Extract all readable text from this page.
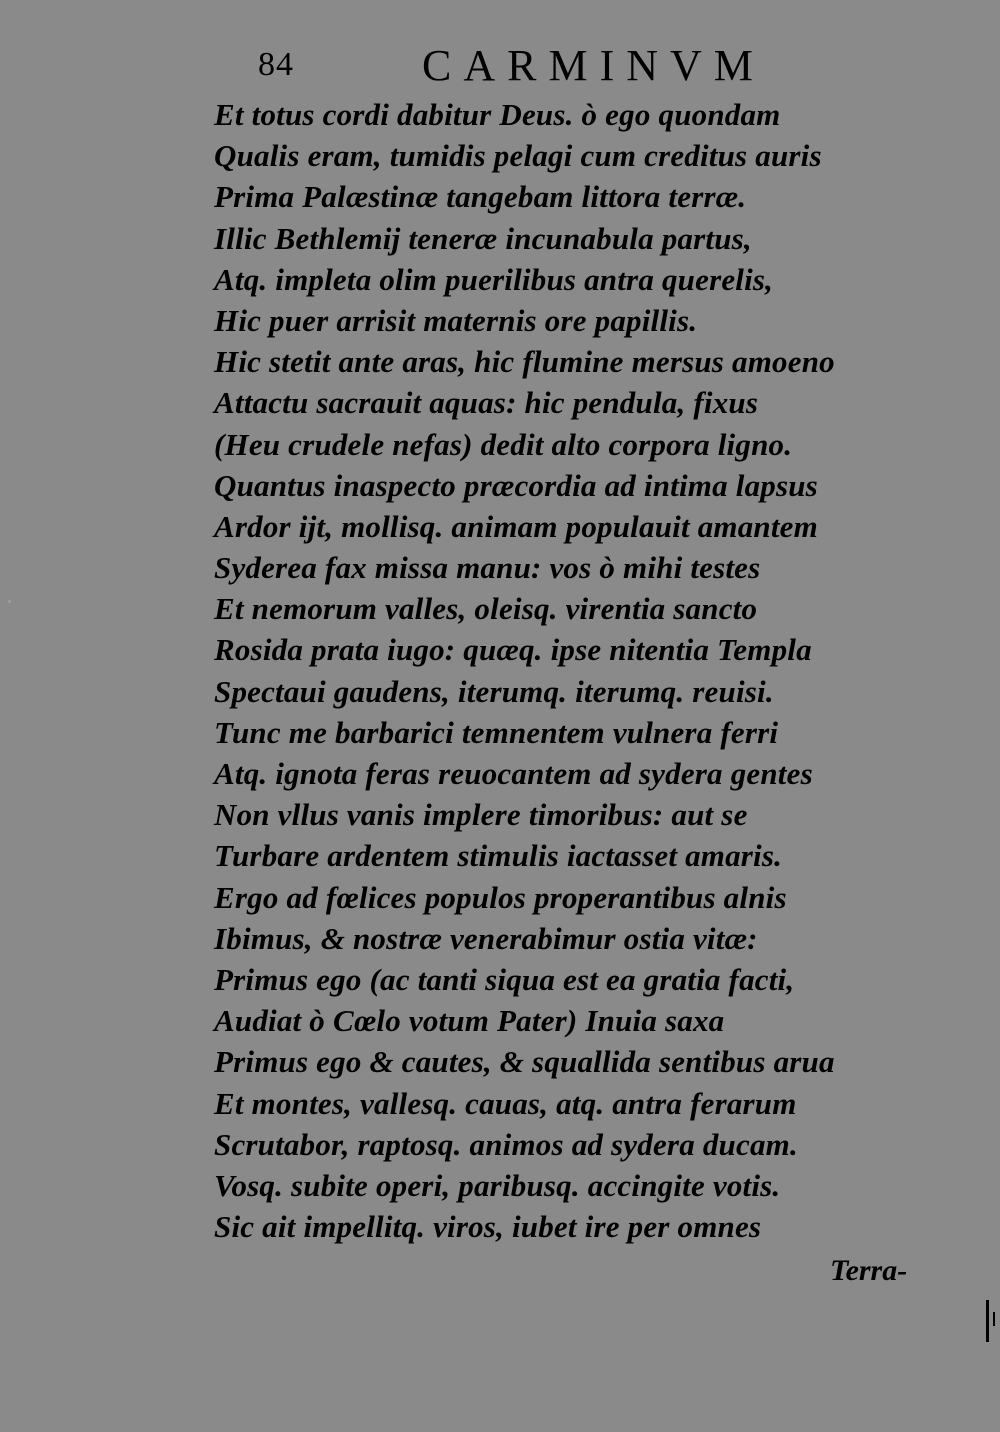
84	CARMINVM
Et totus cordi dabitur Deus. ò ego quondam
Qualis eram, tumidis pelagi cum creditus auris
Prima Palæstinæ tangebam littora terræ.
Illic Bethlemij teneræ incunabula partus,
Atq. impleta olim puerilibus antra querelis,
Hic puer arrisit maternis ore papillis.
Hic stetit ante aras, hic flumine mersus amoeno
Attactu sacrauit aquas: hic pendula, fixus
(Heu crudele nefas) dedit alto corpora ligno.
Quantus inaspecto præcordia ad intima lapsus
Ardor ijt, mollisq. animam populauit amantem
Syderea fax missa manu: vos ò mihi testes
Et nemorum valles, oleisq. virentia sancto
Rosida prata iugo: quæq. ipse nitentia Templa
Spectaui gaudens, iterumq. iterumq. reuisi.
Tunc me barbarici temnentem vulnera ferri
Atq. ignota feras reuocantem ad sydera gentes
Non vllus vanis implere timoribus: aut se
Turbare ardentem stimulis iactasset amaris.
Ergo ad fœlices populos properantibus alnis
Ibimus, & nostræ venerabimur ostia vitæ:
Primus ego (ac tanti siqua est ea gratia facti,
Audiat ò Cœlo votum Pater) Inuia saxa
Primus ego & cautes, & squallida sentibus arua
Et montes, vallesq. cauas, atq. antra ferarum
Scrutabor, raptosq. animos ad sydera ducam.
Vosq. subite operi, paribusq. accingite votis.
Sic ait impellitq. viros, iubet ire per omnes
Terra-
